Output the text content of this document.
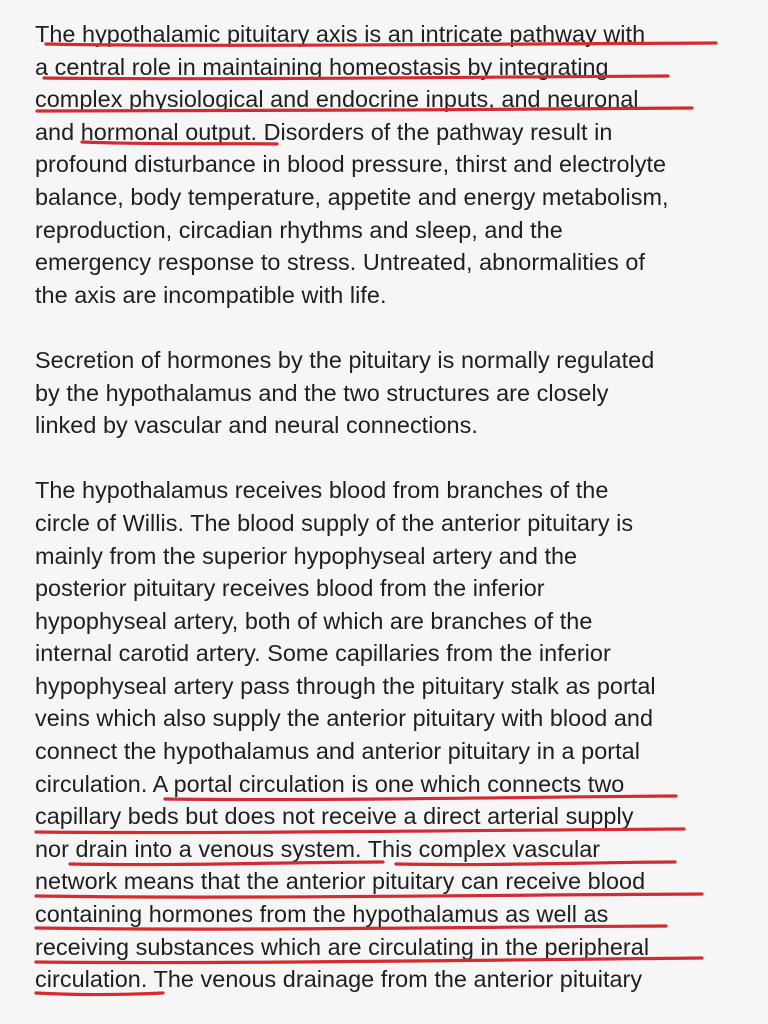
The hypothalamic pituitary axis is an intricate pathway with
a central role in maintaining homeostasis by integrating
complex physiological and endocrine inputs, and neuronal
and hormonal output. Disorders of the pathway result in
profound disturbance in blood pressure, thirst and electrolyte
balance, body temperature, appetite and energy metabolism,
reproduction, circadian rhythms and sleep, and the
emergency response to stress. Untreated, abnormalities of
the axis are incompatible with life.

Secretion of hormones by the pituitary is normally regulated
by the hypothalamus and the two structures are closely
linked by vascular and neural connections.

The hypothalamus receives blood from branches of the
circle of Willis. The blood supply of the anterior pituitary is
mainly from the superior hypophyseal artery and the
posterior pituitary receives blood from the inferior
hypophyseal artery, both of which are branches of the
internal carotid artery. Some capillaries from the inferior
hypophyseal artery pass through the pituitary stalk as portal
veins which also supply the anterior pituitary with blood and
connect the hypothalamus and anterior pituitary in a portal
circulation. A portal circulation is one which connects two
capillary beds but does not receive a direct arterial supply
nor drain into a venous system. This complex vascular
network means that the anterior pituitary can receive blood
containing hormones from the hypothalamus as well as
receiving substances which are circulating in the peripheral
circulation. The venous drainage from the anterior pituitary
